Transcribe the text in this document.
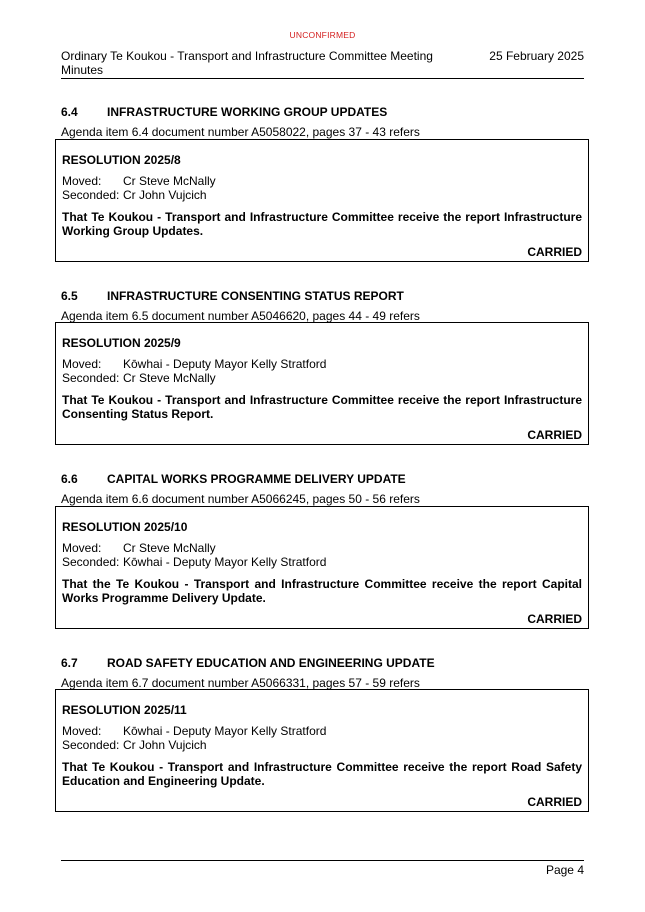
UNCONFIRMED
Ordinary Te Koukou - Transport and Infrastructure Committee Meeting Minutes
25 February 2025
6.4 INFRASTRUCTURE WORKING GROUP UPDATES
Agenda item 6.4 document number A5058022, pages 37 - 43 refers
RESOLUTION 2025/8
Moved: Cr Steve McNally
Seconded: Cr John Vujcich
That Te Koukou - Transport and Infrastructure Committee receive the report Infrastructure Working Group Updates.
CARRIED
6.5 INFRASTRUCTURE CONSENTING STATUS REPORT
Agenda item 6.5 document number A5046620, pages 44 - 49 refers
RESOLUTION 2025/9
Moved: Kōwhai - Deputy Mayor Kelly Stratford
Seconded: Cr Steve McNally
That Te Koukou - Transport and Infrastructure Committee receive the report Infrastructure Consenting Status Report.
CARRIED
6.6 CAPITAL WORKS PROGRAMME DELIVERY UPDATE
Agenda item 6.6 document number A5066245, pages 50 - 56 refers
RESOLUTION 2025/10
Moved: Cr Steve McNally
Seconded: Kōwhai - Deputy Mayor Kelly Stratford
That the Te Koukou - Transport and Infrastructure Committee receive the report Capital Works Programme Delivery Update.
CARRIED
6.7 ROAD SAFETY EDUCATION AND ENGINEERING UPDATE
Agenda item 6.7 document number A5066331, pages 57 - 59 refers
RESOLUTION 2025/11
Moved: Kōwhai - Deputy Mayor Kelly Stratford
Seconded: Cr John Vujcich
That Te Koukou - Transport and Infrastructure Committee receive the report Road Safety Education and Engineering Update.
CARRIED
Page 4
